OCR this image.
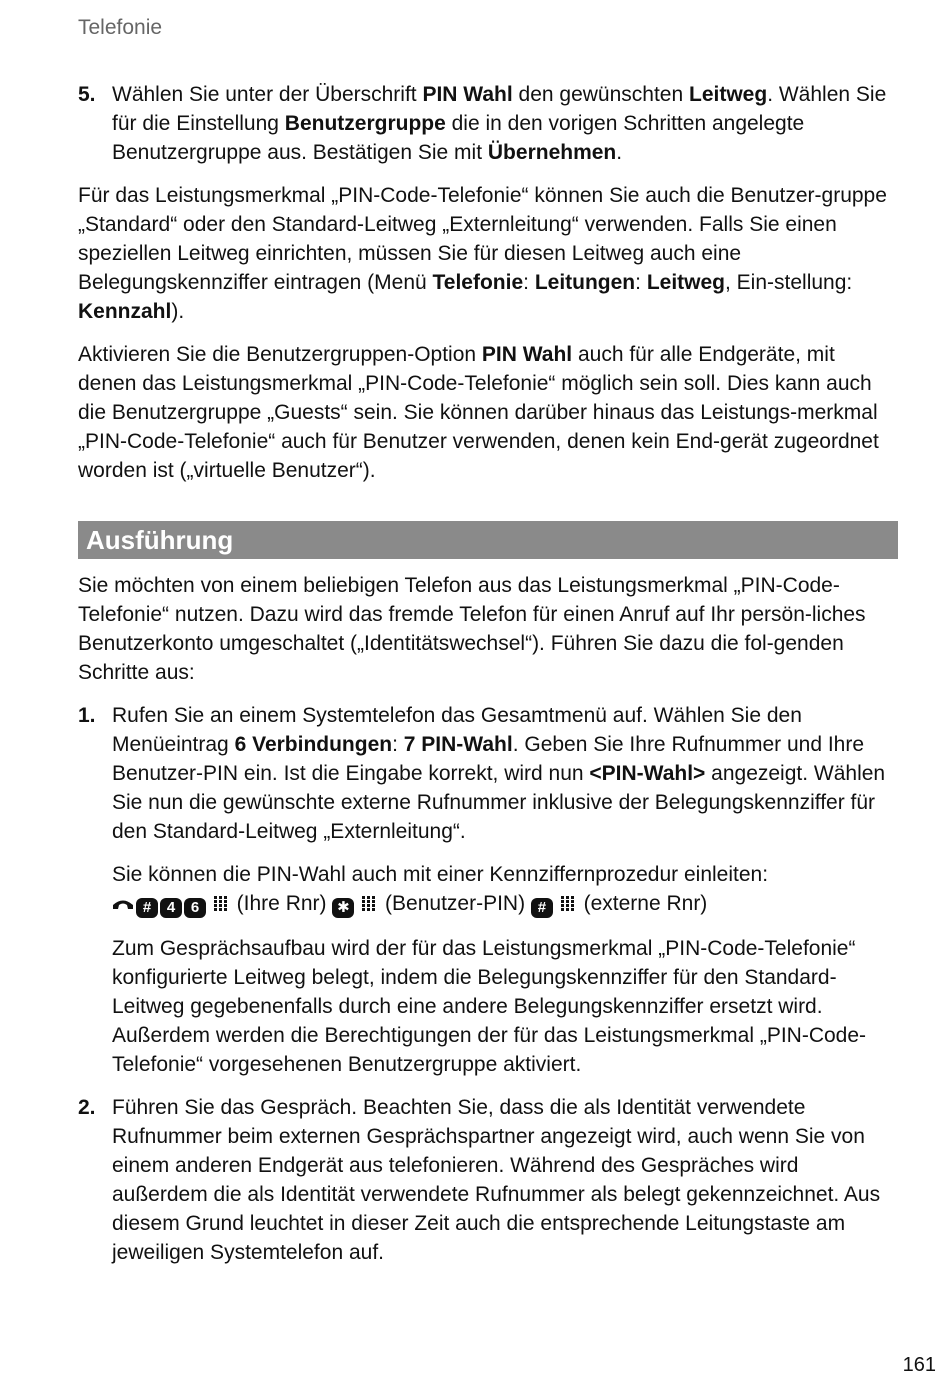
Telefonie
5. Wählen Sie unter der Überschrift PIN Wahl den gewünschten Leitweg. Wählen Sie für die Einstellung Benutzergruppe die in den vorigen Schritten angelegte Benutzergruppe aus. Bestätigen Sie mit Übernehmen.

Für das Leistungsmerkmal „PIN-Code-Telefonie“ können Sie auch die Benutzer-gruppe „Standard“ oder den Standard-Leitweg „Externleitung“ verwenden. Falls Sie einen speziellen Leitweg einrichten, müssen Sie für diesen Leitweg auch eine Belegungskennziffer eintragen (Menü Telefonie: Leitungen: Leitweg, Ein-stellung: Kennzahl).

Aktivieren Sie die Benutzergruppen-Option PIN Wahl auch für alle Endgeräte, mit denen das Leistungsmerkmal „PIN-Code-Telefonie“ möglich sein soll. Dies kann auch die Benutzergruppe „Guests“ sein. Sie können darüber hinaus das Leistungs-merkmal „PIN-Code-Telefonie“ auch für Benutzer verwenden, denen kein End-gerät zugeordnet worden ist („virtuelle Benutzer“).

Ausführung

Sie möchten von einem beliebigen Telefon aus das Leistungsmerkmal „PIN-Code-Telefonie“ nutzen. Dazu wird das fremde Telefon für einen Anruf auf Ihr persön-liches Benutzerkonto umgeschaltet („Identitätswechsel“). Führen Sie dazu die fol-genden Schritte aus:

1. Rufen Sie an einem Systemtelefon das Gesamtmenü auf. Wählen Sie den Menüeintrag 6 Verbindungen: 7 PIN-Wahl. Geben Sie Ihre Rufnummer und Ihre Benutzer-PIN ein. Ist die Eingabe korrekt, wird nun <PIN-Wahl> angezeigt. Wählen Sie nun die gewünschte externe Rufnummer inklusive der Belegungskennziffer für den Standard-Leitweg „Externleitung“.

Sie können die PIN-Wahl auch mit einer Kennziffernprozedur einleiten:
# 4 6  (Ihre Rnr) ✱  (Benutzer-PIN) #  (externe Rnr)

Zum Gesprächsaufbau wird der für das Leistungsmerkmal „PIN-Code-Telefonie“ konfigurierte Leitweg belegt, indem die Belegungskennziffer für den Standard-Leitweg gegebenenfalls durch eine andere Belegungskennziffer ersetzt wird. Außerdem werden die Berechtigungen der für das Leistungsmerkmal „PIN-Code-Telefonie“ vorgesehenen Benutzergruppe aktiviert.

2. Führen Sie das Gespräch. Beachten Sie, dass die als Identität verwendete Rufnummer beim externen Gesprächspartner angezeigt wird, auch wenn Sie von einem anderen Endgerät aus telefonieren. Während des Gespräches wird außerdem die als Identität verwendete Rufnummer als belegt gekennzeichnet. Aus diesem Grund leuchtet in dieser Zeit auch die entsprechende Leitungstaste am jeweiligen Systemtelefon auf.

161
